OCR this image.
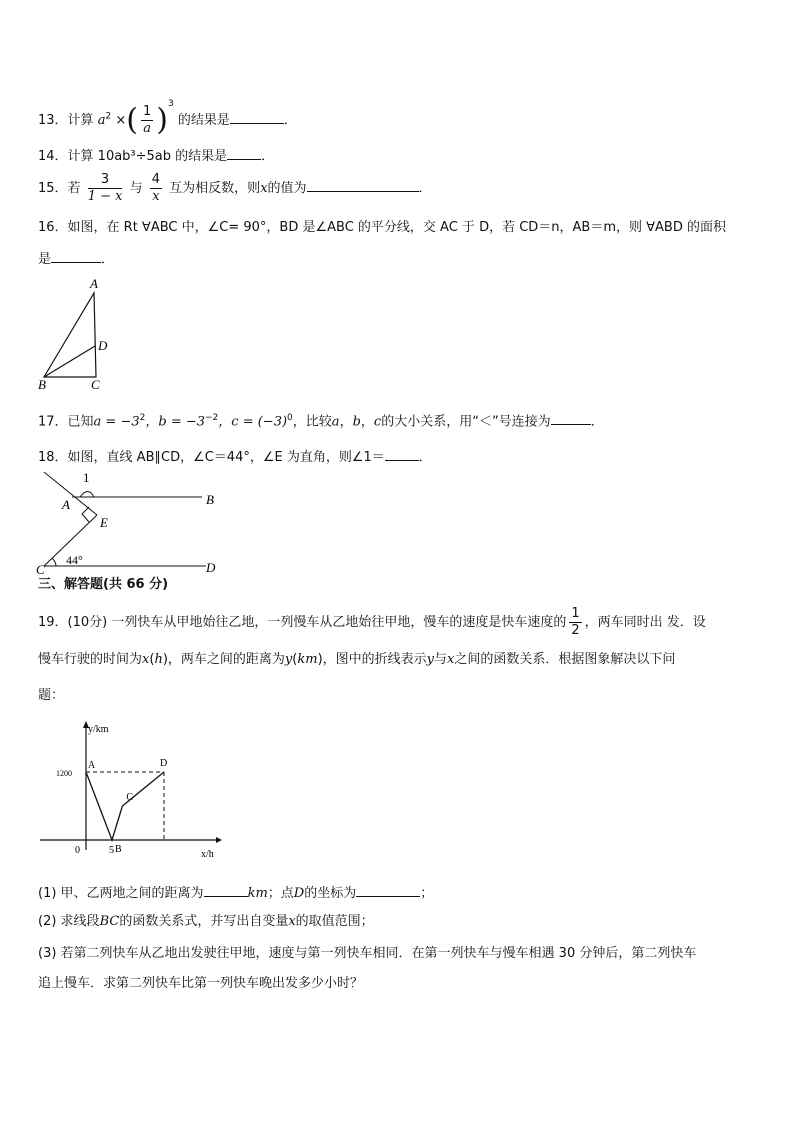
13．计算 $a^2$ ×( $\frac{1}{a} )^3$ 的结果是	．
14．计算 10ab³÷5ab 的结果是	．
15．若 $\frac{3}{1 - x}$ 与 $\frac{4}{x}$ 互为相反数，则x的值为	．
16．如图，在 Rt ∀ABC 中，∠C= 90°，BD 是∠ABC 的平分线，交 AC 于 D，若 CD＝n，AB＝m，则 ∀ABD 的面积
是	．
A
D
B	C
17．已知$a = -3^2$，$b = -3^{-2}$，$c = (-3)^0$，比较a，b，c的大小关系，用“＜”号连接为	．
18．如图，直线 AB∥CD，∠C＝44°，∠E 为直角，则∠1＝	．
1
A	B
E
C	D
44°
三、解答题(共 66 分)
19．(10分) 一列快车从甲地始往乙地，一列慢车从乙地始往甲地，慢车的速度是快车速度的 $\frac{1}{2}$ ，两车同时出 发．设
慢车行驶的时间为x(h)，两车之间的距离为y(km)，图中的折线表示y与x之间的函数关系．根据图象解决以下问
题：
A
B
C
D
1200
5
0
y/km
x/h
(1) 甲、乙两地之间的距离为	km；点D的坐标为	；
(2) 求线段BC的函数关系式，并写出自变量x的取值范围；
(3) 若第二列快车从乙地出发驶往甲地，速度与第一列快车相同．在第一列快车与慢车相遇 30 分钟后，第二列快车
追上慢车．求第二列快车比第一列快车晚出发多少小时？
